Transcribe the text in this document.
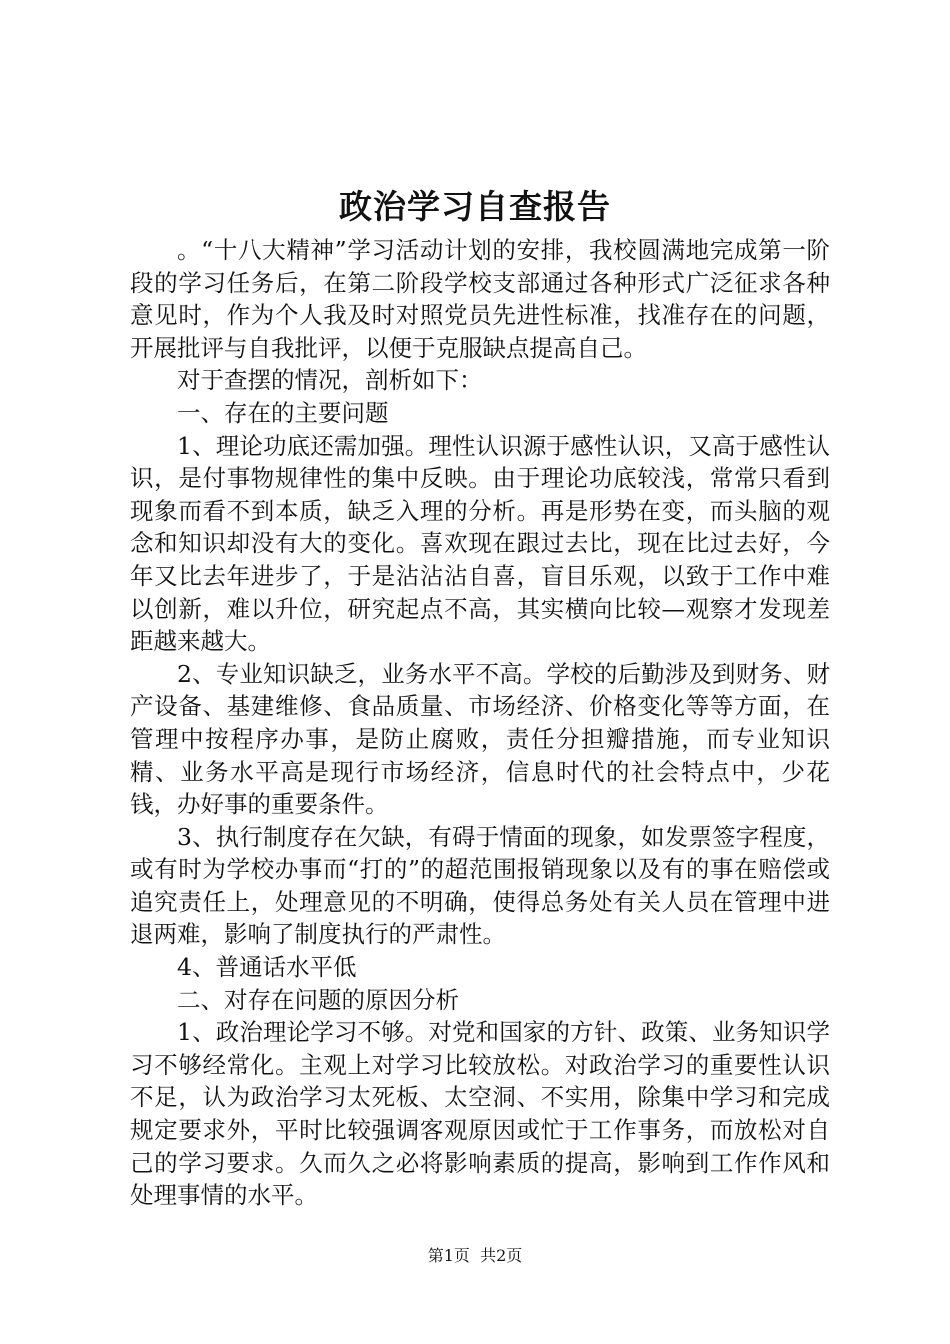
政治学习自查报告

。“十八大精神”学习活动计划的安排，我校圆满地完成第一阶段的学习任务后，在第二阶段学校支部通过各种形式广泛征求各种意见时，作为个人我及时对照党员先进性标准，找准存在的问题，开展批评与自我批评，以便于克服缺点提高自己。

对于查摆的情况，剖析如下：

一、存在的主要问题

1、理论功底还需加强。理性认识源于感性认识，又高于感性认识，是付事物规律性的集中反映。由于理论功底较浅，常常只看到现象而看不到本质，缺乏入理的分析。再是形势在变，而头脑的观念和知识却没有大的变化。喜欢现在跟过去比，现在比过去好，今年又比去年进步了，于是沾沾沾自喜，盲目乐观，以致于工作中难以创新，难以升位，研究起点不高，其实横向比较—观察才发现差距越来越大。

2、专业知识缺乏，业务水平不高。学校的后勤涉及到财务、财产设备、基建维修、食品质量、市场经济、价格变化等等方面，在管理中按程序办事，是防止腐败，责任分担瓣措施，而专业知识精、业务水平高是现行市场经济，信息时代的社会特点中，少花钱，办好事的重要条件。

3、执行制度存在欠缺，有碍于情面的现象，如发票签字程度，或有时为学校办事而“打的”的超范围报销现象以及有的事在赔偿或追究责任上，处理意见的不明确，使得总务处有关人员在管理中进退两难，影响了制度执行的严肃性。

4、普通话水平低

二、对存在问题的原因分析

1、政治理论学习不够。对党和国家的方针、政策、业务知识学习不够经常化。主观上对学习比较放松。对政治学习的重要性认识不足，认为政治学习太死板、太空洞、不实用，除集中学习和完成规定要求外，平时比较强调客观原因或忙于工作事务，而放松对自己的学习要求。久而久之必将影响素质的提高，影响到工作作风和处理事情的水平。

第1页  共2页
